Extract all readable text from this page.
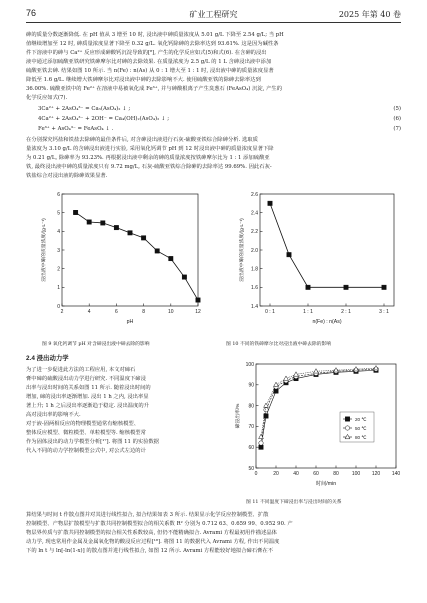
76	矿业工程研究	2025 年第 40 卷
砷的质量分数逐渐降低. 在 pH 值从 3 增至 10 时, 浸出液中砷质量浓度从 5.01 g/L 下降至 2.54 g/L; 当 pH
值继续增加至 12 时, 砷质量浓度显著下降至 0.32 g/L. 氧化钙除砷的去除率达到 93.61%. 这是因为碱性条
件下溶液中的砷与 Ca²⁺ 反应形成砷酸钙沉淀导致的[⁸], 产生的化学反应如式(5)和式(6). 在含砷的浸出
液中通过添加硫酸亚铁研究铁砷摩尔比对砷的去除效果. 在质量浓度为 2.5 g/L 的 1 L 含砷浸出液中添加
硫酸亚铁去砷. 结果如图 10 所示. 当 n(Fe) : n(As) 从 0 : 1 增大至 1 : 1 时, 浸出液中砷的质量浓度显著
降低至 1.6 g/L. 继续增大铁砷摩尔比对浸出液中砷的去除影响不大. 使用硫酸亚铁的除砷去除率达到
36.00%. 硫酸亚铁中的 Fe²⁺ 在溶液中易被氧化成 Fe³⁺, 并与砷酸根离子产生臭葱石 (FeAsO₄) 沉淀, 产生的
化学反应如式(7).
3Ca²⁺ + 2AsO₄³⁻ = Ca₃(AsO₄)₂ ↓ ;	(5)
4Ca²⁺ + 2AsO₄³⁻ + 2OH⁻ = Ca₄(OH)₂(AsO₄)₂ ↓ ;	(6)
Fe³⁺ + AsO₄³⁻ = FeAsO₄ ↓ .	(7)
在分别探究钙盐和铁盐去除砷的最佳条件后, 对含砷浸出液进行石灰-硫酸亚铁综合除砷分析. 选取质
量浓度为 3.10 g/L 的含砷浸出液进行实验, 采用氧化钙调节 pH 到 12 时浸出液中砷的质量浓度显著下降
为 0.21 g/L, 除砷率为 93.23%. 再根据浸出液中剩余的砷的质量浓度按铁砷摩尔比为 1 : 1 添加硫酸亚
铁, 最终浸出液中砷的质量浓度只有 9.72 mg/L, 石灰-硫酸亚铁综合除砷的去除率达 99.69%. 因此石灰-
铁盐综合对浸出液的除砷效果显著.
pH
浸出液中砷的质量浓度/(g·L⁻¹)
2	4	6	8	10	12
0
1
2
3
4
5
6
图 9 氧化钙调节 pH 对含砷浸出液中砷去除的影响
n(Fe) : n(As)
浸出液中砷的质量浓度/(g·L⁻¹)
0 : 1	1 : 1	2 : 1	3 : 1
1.4
1.6
1.8
2.0
2.2
2.4
2.6
图 10 不同的铁砷摩尔比对浸出液中砷去除的影响
2.4 浸出动力学
为了进一步促进此方法的工程应用, 本文对碲石
膏中碲的硫酸浸出动力学进行研究. 不同温度下碲浸
出率与浸出时间的关系如图 11 所示. 随着浸出时间的
增加, 碲的浸出率逐渐增加. 浸出 1 h 之内, 浸出率显
著上升; 1 h 之后浸出率逐渐趋于稳定. 浸出温度的升
高对浸出率的影响不大.
对于液-固两相反应的物理模型通常有缩核模型、
整体反应模型、微粒模型、单粒模型等. 缩核模型常
作为固体浸出的动力学模型分析[¹⁷]. 将图 11 的实验数据
代入不同的动力学控制模型公式中, 对公式左边的计
时间/min
碲浸出率/%
0	20	40	60	80	100 120 140
50
60
70
80
90
100
20 ℃
50 ℃
80 ℃
图 11 不同温度下碲浸出率与浸出时间的关系
算结果与时间 t 作散点图并对其进行线性拟合, 拟合结果如表 3 所示. 结果显示化学反应控制模型、扩散
控制模型、产物层扩散模型与扩散共同控制模型拟合的相关系数 R² 分别为 0.712 63、0.659 99、0.952 90. 产
物层界传质与扩散共同控制模型的拟合相关性系数较高, 但仍不能精确拟合. Avrami 方程最初用作描述晶体
动力学, 现也常用作金属及金属氧化物的酸浸反应过程[¹⁸]. 将图 11 的数据代入 Avrami 方程, 作出不同温度
下的 ln t 与 ln[-ln(1-x)] 的散点图并进行线性拟合, 如图 12 所示. Avrami 方程能较好地拟合碲石膏在不
